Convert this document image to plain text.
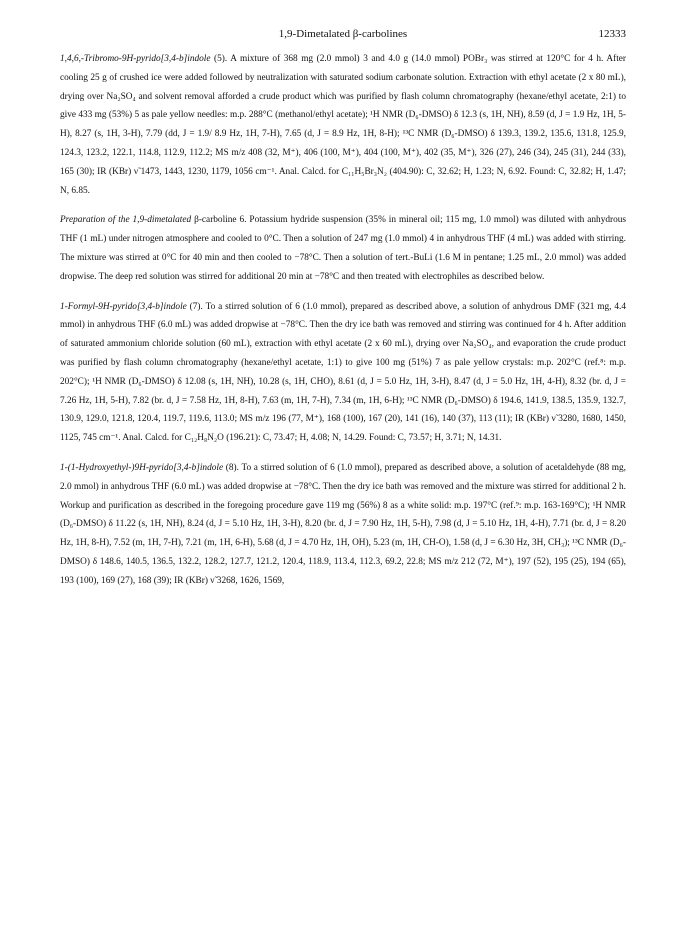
1,9-Dimetalated β-carbolines	12333

1,4,6,-Tribromo-9H-pyrido[3,4-b]indole (5). A mixture of 368 mg (2.0 mmol) 3 and 4.0 g (14.0 mmol) POBr₃ was stirred at 120°C for 4 h. After cooling 25 g of crushed ice were added followed by neutralization with saturated sodium carbonate solution. Extraction with ethyl acetate (2 x 80 mL), drying over Na₂SO₄ and solvent removal afforded a crude product which was purified by flash column chromatography (hexane/ethyl acetate, 2:1) to give 433 mg (53%) 5 as pale yellow needles: m.p. 288°C (methanol/ethyl acetate); ¹H NMR (D₆-DMSO) δ 12.3 (s, 1H, NH), 8.59 (d, J = 1.9 Hz, 1H, 5-H), 8.27 (s, 1H, 3-H), 7.79 (dd, J = 1.9/ 8.9 Hz, 1H, 7-H), 7.65 (d, J = 8.9 Hz, 1H, 8-H); ¹³C NMR (D₆-DMSO) δ 139.3, 139.2, 135.6, 131.8, 125.9, 124.3, 123.2, 122.1, 114.8, 112.9, 112.2; MS m/z 408 (32, M⁺), 406 (100, M⁺), 404 (100, M⁺), 402 (35, M⁺), 326 (27), 246 (34), 245 (31), 244 (33), 165 (30); IR (KBr) ν̃ 1473, 1443, 1230, 1179, 1056 cm⁻¹. Anal. Calcd. for C₁₁H₅Br₃N₂ (404.90): C, 32.62; H, 1.23; N, 6.92. Found: C, 32.82; H, 1.47; N, 6.85.

Preparation of the 1,9-dimetalated β-carboline 6. Potassium hydride suspension (35% in mineral oil; 115 mg, 1.0 mmol) was diluted with anhydrous THF (1 mL) under nitrogen atmosphere and cooled to 0°C. Then a solution of 247 mg (1.0 mmol) 4 in anhydrous THF (4 mL) was added with stirring. The mixture was stirred at 0°C for 40 min and then cooled to −78°C. Then a solution of tert.-BuLi (1.6 M in pentane; 1.25 mL, 2.0 mmol) was added dropwise. The deep red solution was stirred for additional 20 min at −78°C and then treated with electrophiles as described below.

1-Formyl-9H-pyrido[3,4-b]indole (7). To a stirred solution of 6 (1.0 mmol), prepared as described above, a solution of anhydrous DMF (321 mg, 4.4 mmol) in anhydrous THF (6.0 mL) was added dropwise at −78°C. Then the dry ice bath was removed and stirring was continued for 4 h. After addition of saturated ammonium chloride solution (60 mL), extraction with ethyl acetate (2 x 60 mL), drying over Na₂SO₄, and evaporation the crude product was purified by flash column chromatography (hexane/ethyl acetate, 1:1) to give 100 mg (51%) 7 as pale yellow crystals: m.p. 202°C (ref.⁸: m.p. 202°C); ¹H NMR (D₆-DMSO) δ 12.08 (s, 1H, NH), 10.28 (s, 1H, CHO), 8.61 (d, J = 5.0 Hz, 1H, 3-H), 8.47 (d, J = 5.0 Hz, 1H, 4-H), 8.32 (br. d, J = 7.26 Hz, 1H, 5-H), 7.82 (br. d, J = 7.58 Hz, 1H, 8-H), 7.63 (m, 1H, 7-H), 7.34 (m, 1H, 6-H); ¹³C NMR (D₆-DMSO) δ 194.6, 141.9, 138.5, 135.9, 132.7, 130.9, 129.0, 121.8, 120.4, 119.7, 119.6, 113.0; MS m/z 196 (77, M⁺), 168 (100), 167 (20), 141 (16), 140 (37), 113 (11); IR (KBr) ν̃ 3280, 1680, 1450, 1125, 745 cm⁻¹. Anal. Calcd. for C₁₂H₈N₂O (196.21): C, 73.47; H, 4.08; N, 14.29. Found: C, 73.57; H, 3.71; N, 14.31.

1-(1-Hydroxyethyl-)9H-pyrido[3,4-b]indole (8). To a stirred solution of 6 (1.0 mmol), prepared as described above, a solution of acetaldehyde (88 mg, 2.0 mmol) in anhydrous THF (6.0 mL) was added dropwise at −78°C. Then the dry ice bath was removed and the mixture was stirred for additional 2 h. Workup and purification as described in the foregoing procedure gave 119 mg (56%) 8 as a white solid: m.p. 197°C (ref.⁹: m.p. 163-169°C); ¹H NMR (D₆-DMSO) δ 11.22 (s, 1H, NH), 8.24 (d, J = 5.10 Hz, 1H, 3-H), 8.20 (br. d, J = 7.90 Hz, 1H, 5-H), 7.98 (d, J = 5.10 Hz, 1H, 4-H), 7.71 (br. d, J = 8.20 Hz, 1H, 8-H), 7.52 (m, 1H, 7-H), 7.21 (m, 1H, 6-H), 5.68 (d, J = 4.70 Hz, 1H, OH), 5.23 (m, 1H, CH-O), 1.58 (d, J = 6.30 Hz, 3H, CH₃); ¹³C NMR (D₆-DMSO) δ 148.6, 140.5, 136.5, 132.2, 128.2, 127.7, 121.2, 120.4, 118.9, 113.4, 112.3, 69.2, 22.8; MS m/z 212 (72, M⁺), 197 (52), 195 (25), 194 (65), 193 (100), 169 (27), 168 (39); IR (KBr) ν̃ 3268, 1626, 1569,
